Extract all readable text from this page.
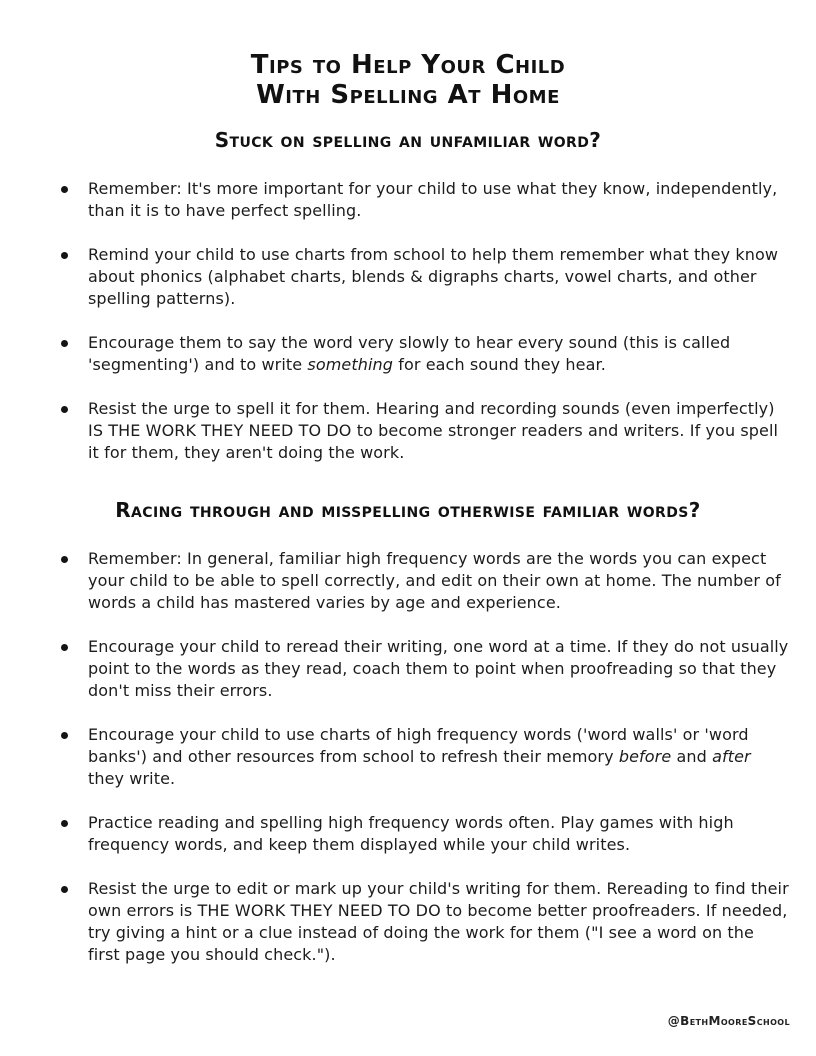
Tips to Help Your Child
With Spelling At Home
Stuck on spelling an unfamiliar word?
Remember: It's more important for your child to use what they know, independently, than it is to have perfect spelling.
Remind your child to use charts from school to help them remember what they know about phonics (alphabet charts, blends & digraphs charts, vowel charts, and other spelling patterns).
Encourage them to say the word very slowly to hear every sound (this is called 'segmenting') and to write something for each sound they hear.
Resist the urge to spell it for them. Hearing and recording sounds (even imperfectly) IS THE WORK THEY NEED TO DO to become stronger readers and writers. If you spell it for them, they aren't doing the work.
Racing through and misspelling otherwise familiar words?
Remember: In general, familiar high frequency words are the words you can expect your child to be able to spell correctly, and edit on their own at home. The number of words a child has mastered varies by age and experience.
Encourage your child to reread their writing, one word at a time. If they do not usually point to the words as they read, coach them to point when proofreading so that they don't miss their errors.
Encourage your child to use charts of high frequency words ('word walls' or 'word banks') and other resources from school to refresh their memory before and after they write.
Practice reading and spelling high frequency words often. Play games with high frequency words, and keep them displayed while your child writes.
Resist the urge to edit or mark up your child's writing for them. Rereading to find their own errors is THE WORK THEY NEED TO DO to become better proofreaders. If needed, try giving a hint or a clue instead of doing the work for them ("I see a word on the first page you should check.").
@BethMooreSchool
